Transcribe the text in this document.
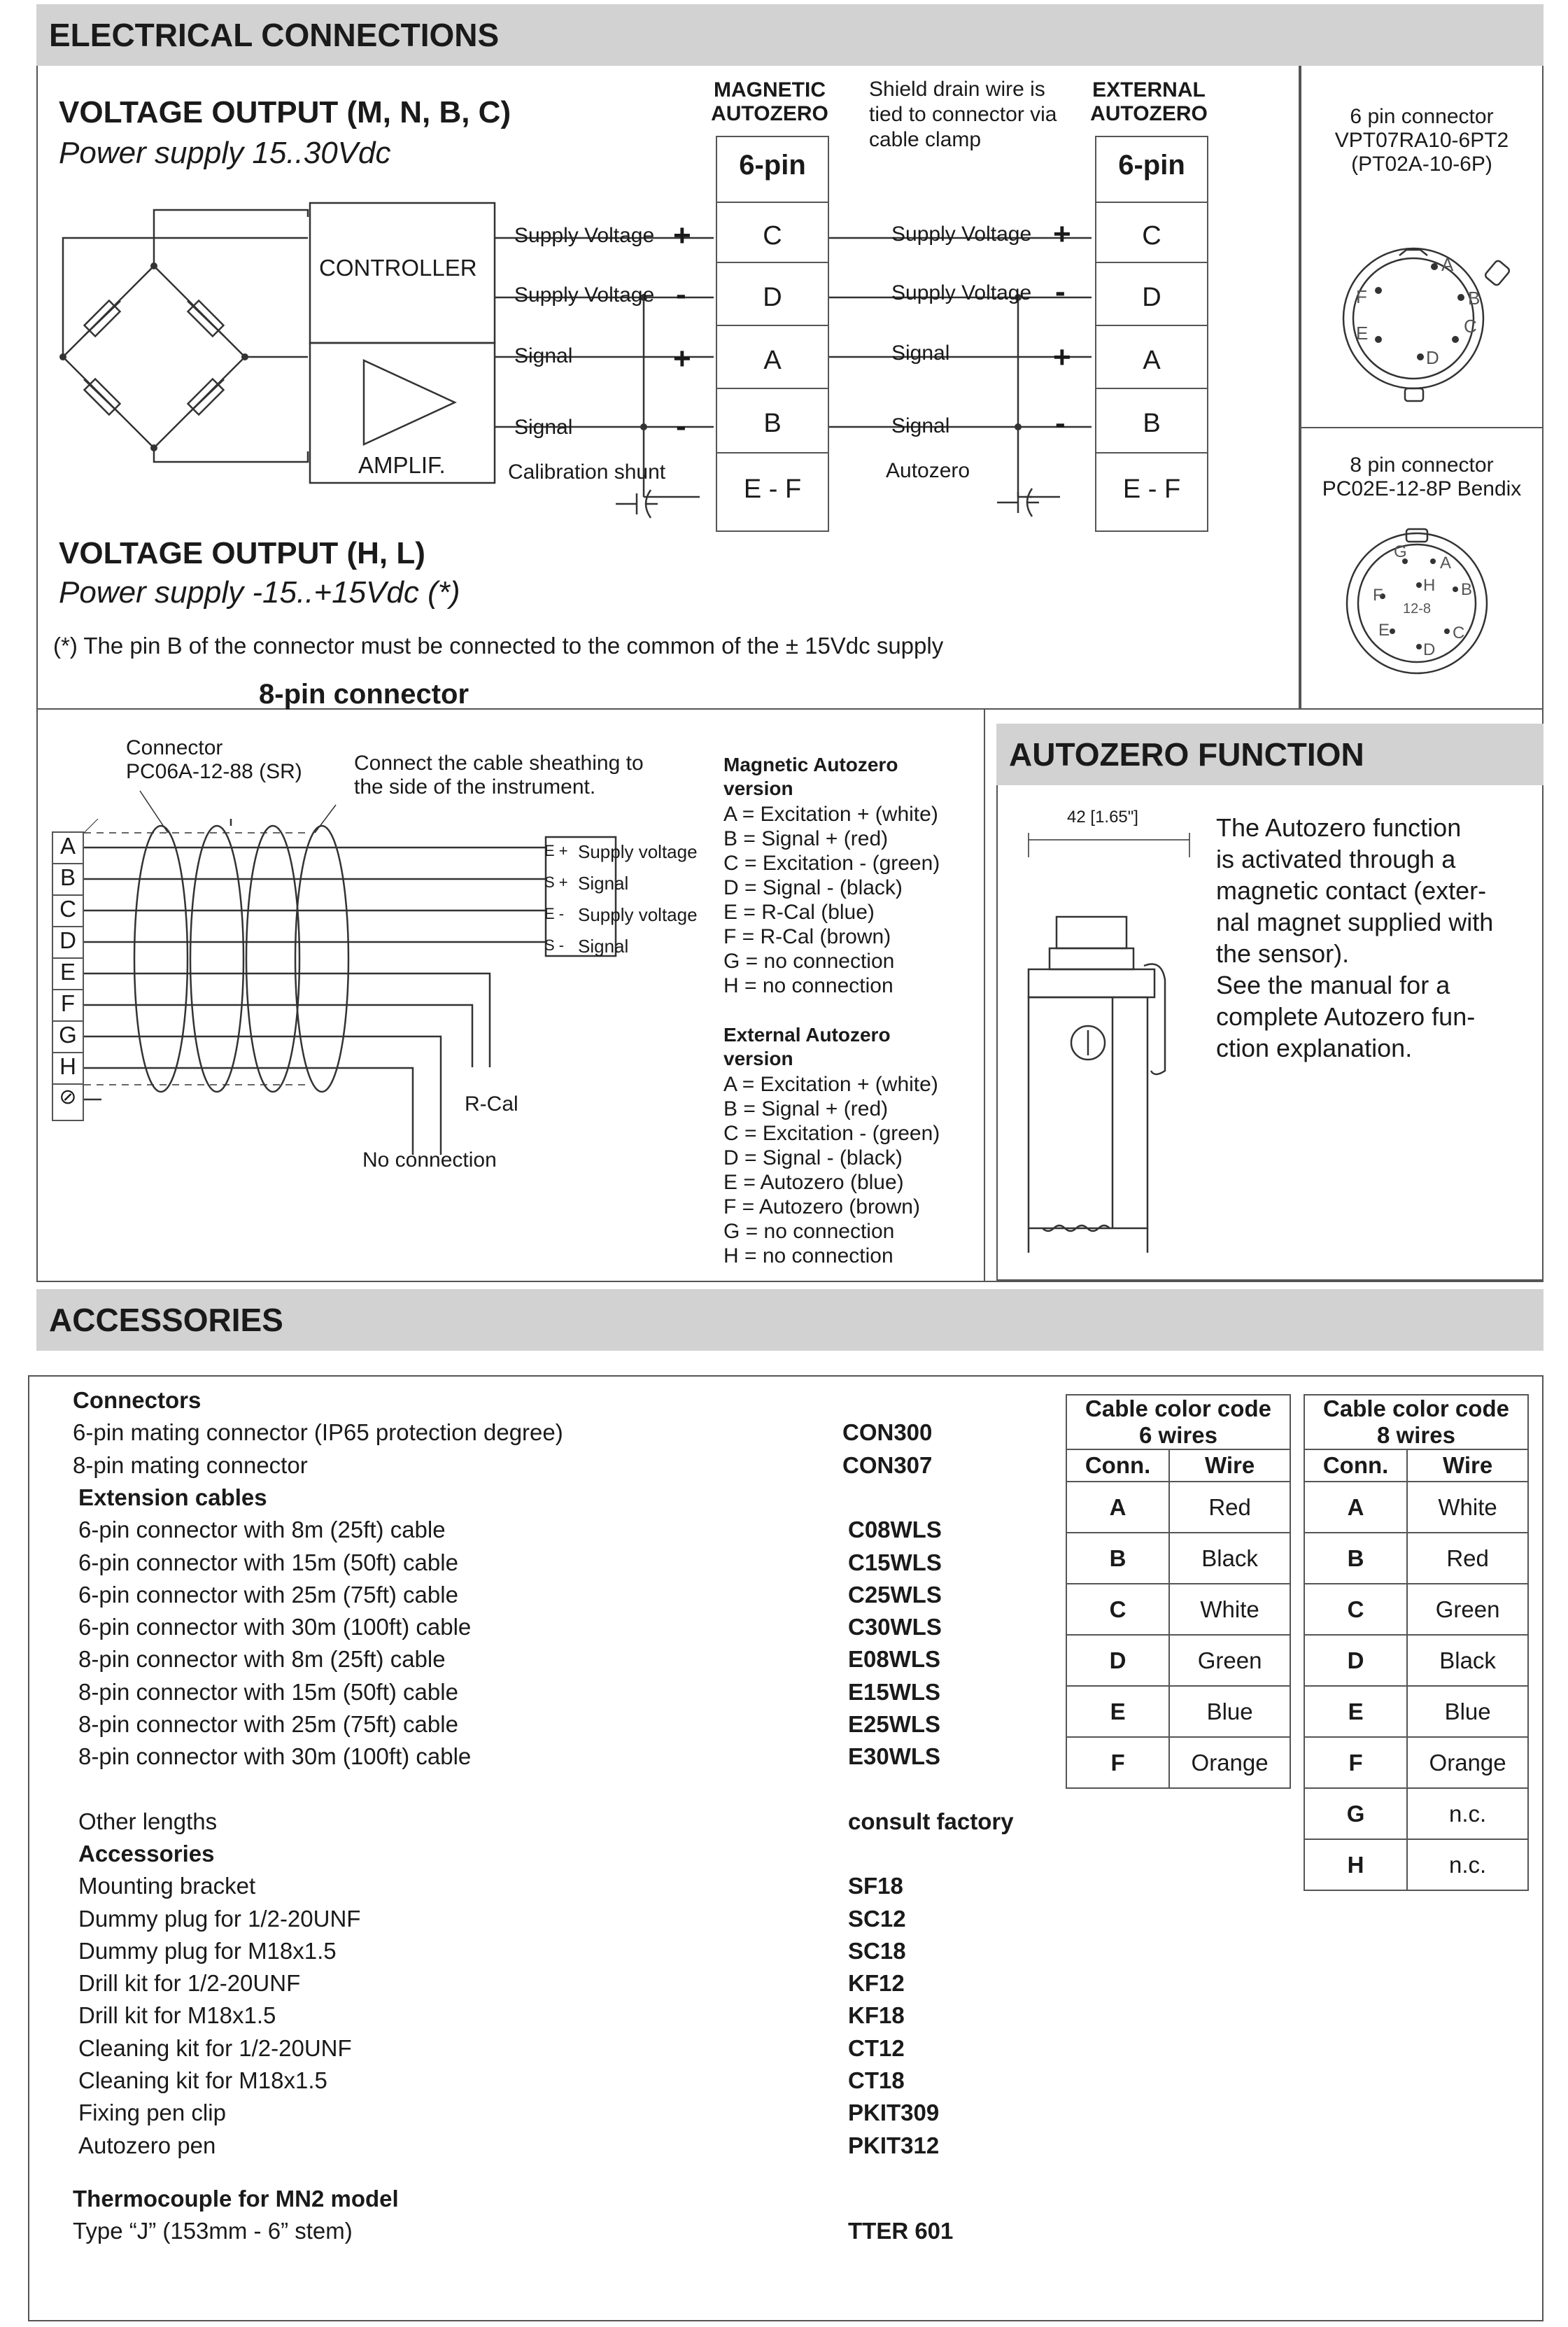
ELECTRICAL CONNECTIONS
VOLTAGE OUTPUT (M, N, B, C)
Power supply 15..30Vdc
VOLTAGE OUTPUT (H, L)
Power supply -15..+15Vdc (*)
(*) The pin B of the connector must be connected to the common of the ± 15Vdc supply
CONTROLLER
AMPLIF.
Supply Voltage
Supply Voltage
Signal
Signal
+
-
+
-
Calibration shunt
MAGNETIC AUTOZERO
6-pin
C
D
A
B
E - F
Shield drain wire is tied to connector via cable clamp
Supply Voltage
Supply Voltage
Signal
Signal
+
-
+
-
Autozero
EXTERNAL AUTOZERO
6-pin
C
D
A
B
E - F
6 pin connector
VPT07RA10-6PT2
(PT02A-10-6P)
A
B
C
D
E
F
8 pin connector
PC02E-12-8P Bendix
G
A
H B
F
12-8
E	C
D
8-pin connector
Connector
PC06A-12-88 (SR) Connect the cable sheathing to the side of the instrument.
A
B
C
D
E
F
G
H
⊘
E +
S +
E -
S -
Supply voltage
Signal
Supply voltage
Signal
R-Cal
No connection
Magnetic Autozero version
A = Excitation + (white)
B = Signal + (red)
C = Excitation - (green)
D = Signal - (black)
E = R-Cal (blue)
F = R-Cal (brown)
G = no connection
H = no connection
External Autozero version
A = Excitation + (white)
B = Signal + (red)
C = Excitation - (green)
D = Signal - (black)
E = Autozero (blue)
F = Autozero (brown)
G = no connection
H = no connection
AUTOZERO FUNCTION
42 [1.65"]	The Autozero function
is activated through a
magnetic contact (exter-
nal magnet supplied with
the sensor).
See the manual for a
complete Autozero fun-
ction explanation.
ACCESSORIES
Connectors
6-pin mating connector (IP65 protection degree)	CON300
8-pin mating connector	CON307
Extension cables
6-pin connector with 8m (25ft) cable	C08WLS
6-pin connector with 15m (50ft) cable	C15WLS
6-pin connector with 25m (75ft) cable	C25WLS
6-pin connector with 30m (100ft) cable	C30WLS
8-pin connector with 8m (25ft) cable	E08WLS
8-pin connector with 15m (50ft) cable	E15WLS
8-pin connector with 25m (75ft) cable	E25WLS
8-pin connector with 30m (100ft) cable	E30WLS
Other lengths	consult factory
Accessories
Mounting bracket	SF18
Dummy plug for 1/2-20UNF	SC12
Dummy plug for M18x1.5	SC18
Drill kit for 1/2-20UNF	KF12
Drill kit for M18x1.5	KF18
Cleaning kit for 1/2-20UNF	CT12
Cleaning kit for M18x1.5	CT18
Fixing pen clip	PKIT309
Autozero pen	PKIT312
Thermocouple for MN2 model
Type “J” (153mm - 6” stem)	TTER 601
Cable color code
6 wires	

Conn.	Wire
A	Red
B	Black
C	White
D	Green
E	Blue
F	Orange
Cable color code
8 wires	

Conn.	Wire
A	White
B	Red
C	Green
D	Black
E	Blue
F	Orange
G	n.c.
H	n.c.
